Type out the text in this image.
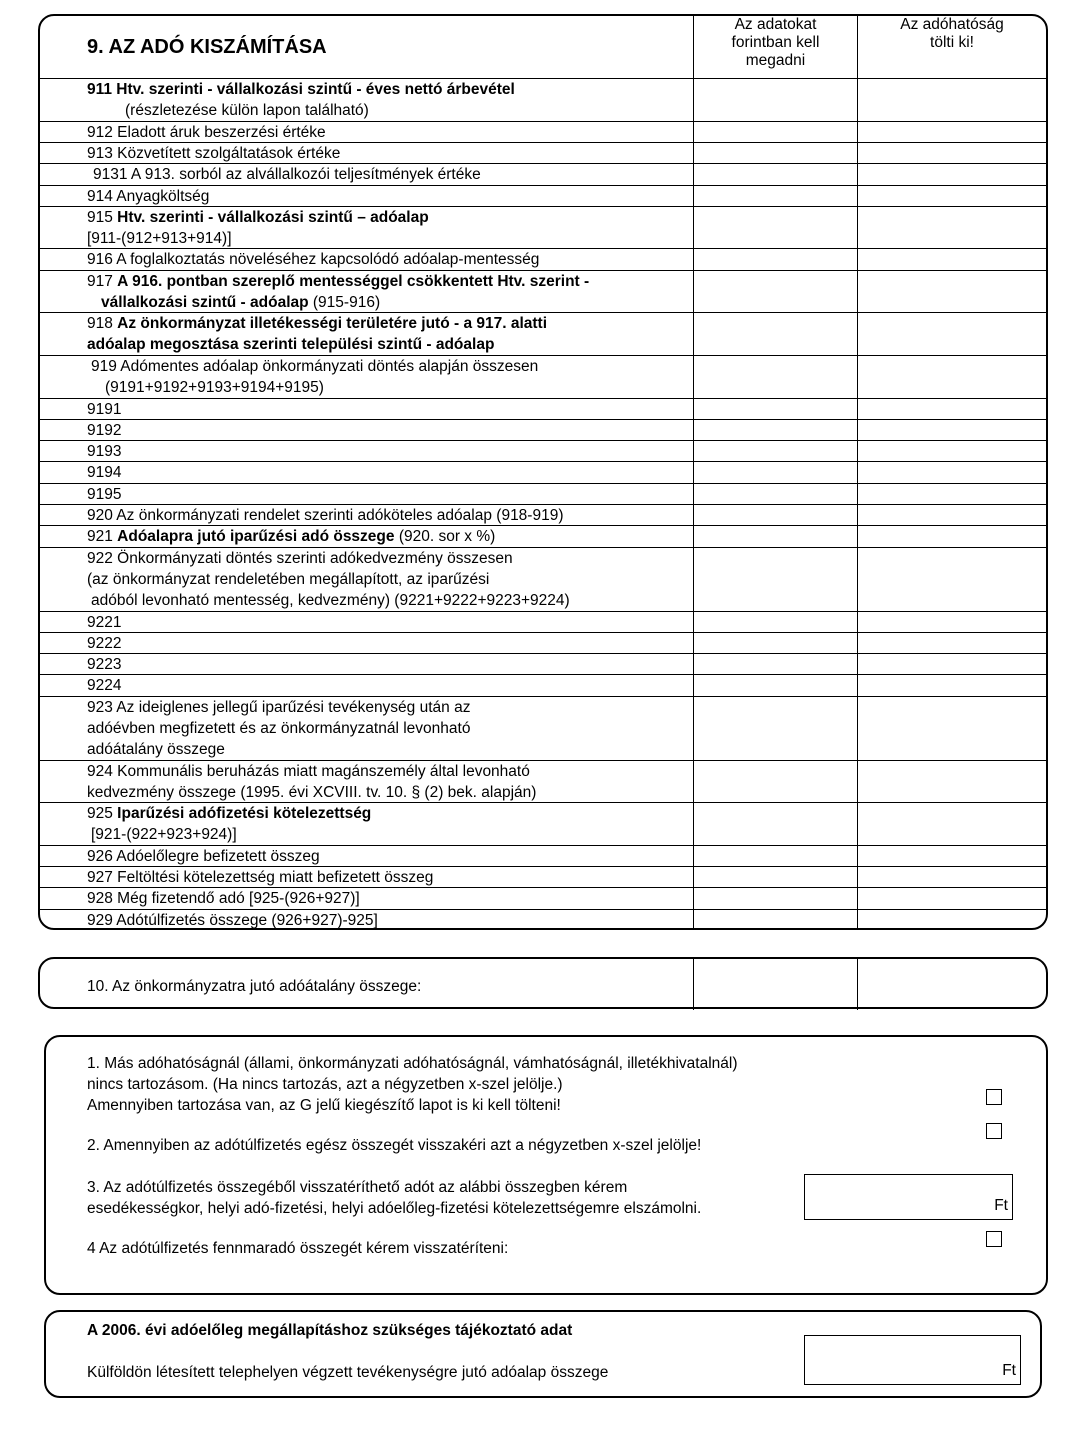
9. AZ ADÓ KISZÁMÍTÁSA
Az adatokat
forintban kell
megadni
Az adóhatóság
tölti ki!
911 Htv. szerinti - vállalkozási szintű - éves nettó árbevétel
(részletezése külön lapon található)
912 Eladott áruk beszerzési értéke
913 Közvetített szolgáltatások értéke
9131 A 913. sorból az alvállalkozói teljesítmények értéke
914 Anyagköltség
915 Htv. szerinti - vállalkozási szintű – adóalap
[911-(912+913+914)]
916 A foglalkoztatás növeléséhez kapcsolódó adóalap-mentesség
917 A 916. pontban szereplő mentességgel csökkentett Htv. szerint -
vállalkozási szintű - adóalap (915-916)
918 Az önkormányzat illetékességi területére jutó - a 917. alatti
adóalap megosztása szerinti települési szintű - adóalap
919 Adómentes adóalap önkormányzati döntés alapján összesen
(9191+9192+9193+9194+9195)
9191
9192
9193
9194
9195
920 Az önkormányzati rendelet szerinti adóköteles adóalap (918-919)
921 Adóalapra jutó iparűzési adó összege (920. sor x %)
922 Önkormányzati döntés szerinti adókedvezmény összesen
(az önkormányzat rendeletében megállapított, az iparűzési
adóból levonható mentesség, kedvezmény) (9221+9222+9223+9224)
9221
9222
9223
9224
923 Az ideiglenes jellegű iparűzési tevékenység után az
adóévben megfizetett és az önkormányzatnál levonható
adóátalány összege
924 Kommunális beruházás miatt magánszemély által levonható
kedvezmény összege (1995. évi XCVIII. tv. 10. § (2) bek. alapján)
925 Iparűzési adófizetési kötelezettség
[921-(922+923+924)]
926 Adóelőlegre befizetett összeg
927 Feltöltési kötelezettség miatt befizetett összeg
928 Még fizetendő adó [925-(926+927)]
929 Adótúlfizetés összege (926+927)-925]
10. Az önkormányzatra jutó adóátalány összege:
1. Más adóhatóságnál (állami, önkormányzati adóhatóságnál, vámhatóságnál, illetékhivatalnál)
nincs tartozásom. (Ha nincs tartozás, azt a négyzetben x-szel jelölje.)
Amennyiben tartozása van, az G jelű kiegészítő lapot is ki kell tölteni!
2. Amennyiben az adótúlfizetés egész összegét visszakéri azt a négyzetben x-szel jelölje!
3. Az adótúlfizetés összegéből visszatéríthető adót az alábbi összegben kérem
esedékességkor, helyi adó-fizetési, helyi adóelőleg-fizetési kötelezettségemre elszámolni.	Ft
4 Az adótúlfizetés fennmaradó összegét kérem visszatéríteni:
A 2006. évi adóelőleg megállapításhoz szükséges tájékoztató adat
Külföldön létesített telephelyen végzett tevékenységre jutó adóalap összege	Ft
